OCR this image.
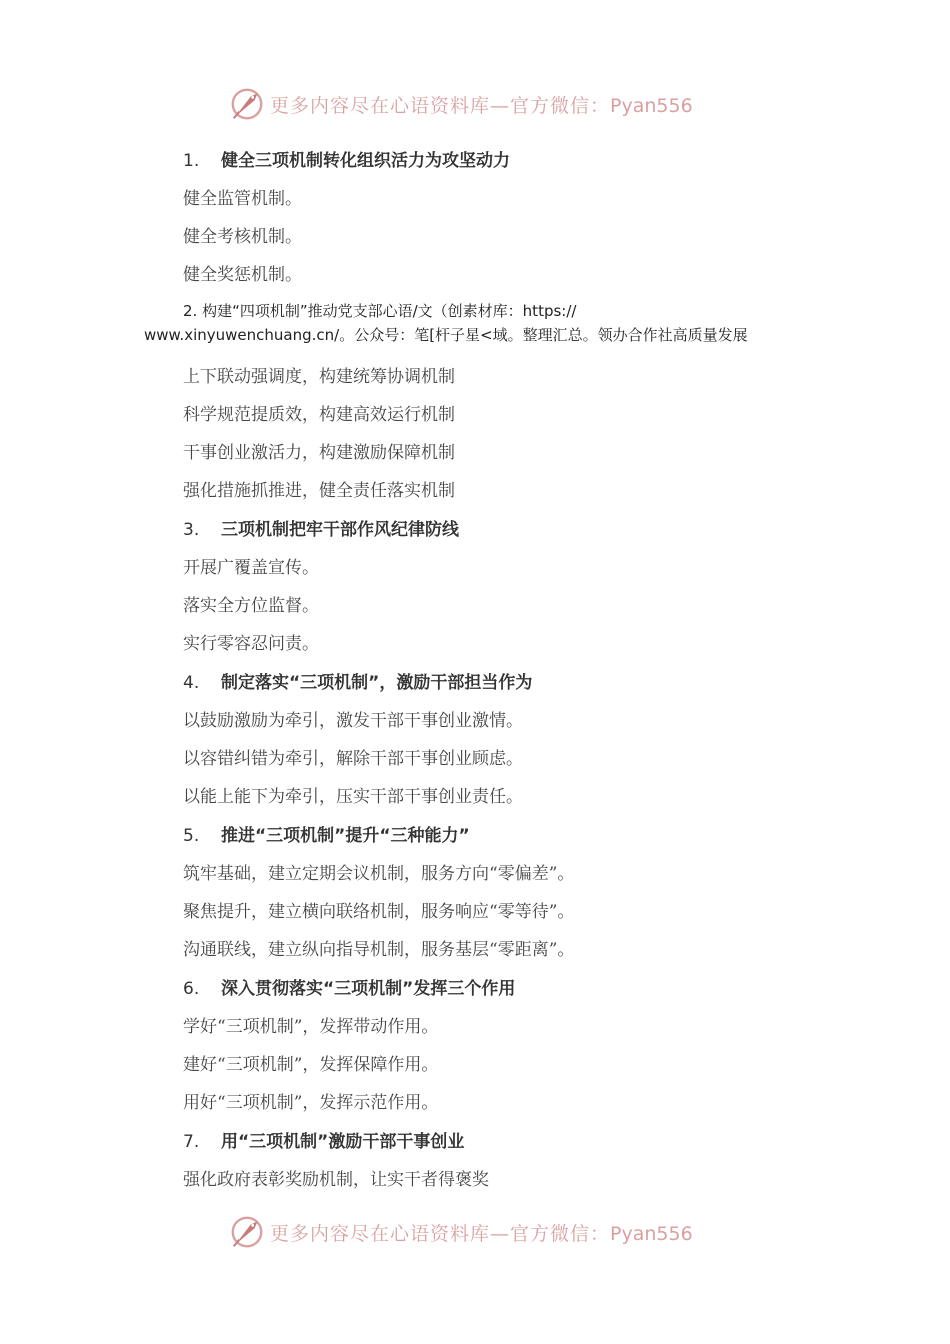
更多内容尽在心语资料库—官方微信：Pyan556
1. 健全三项机制转化组织活力为攻坚动力
健全监管机制。
健全考核机制。
健全奖惩机制。
2. 构建“四项机制”推动党支部心语/文（创素材库：https://
www.xinyuwenchuang.cn/。公众号：笔[杆子星<域。整理汇总。领办合作社高质量发展
上下联动强调度，构建统筹协调机制
科学规范提质效，构建高效运行机制
干事创业激活力，构建激励保障机制
强化措施抓推进，健全责任落实机制
3. 三项机制把牢干部作风纪律防线
开展广覆盖宣传。
落实全方位监督。
实行零容忍问责。
4. 制定落实“三项机制”，激励干部担当作为
以鼓励激励为牵引，激发干部干事创业激情。
以容错纠错为牵引，解除干部干事创业顾虑。
以能上能下为牵引，压实干部干事创业责任。
5. 推进“三项机制”提升“三种能力”
筑牢基础，建立定期会议机制，服务方向“零偏差”。
聚焦提升，建立横向联络机制，服务响应“零等待”。
沟通联线，建立纵向指导机制，服务基层“零距离”。
6. 深入贯彻落实“三项机制”发挥三个作用
学好“三项机制”，发挥带动作用。
建好“三项机制”，发挥保障作用。
用好“三项机制”，发挥示范作用。
7. 用“三项机制”激励干部干事创业
强化政府表彰奖励机制，让实干者得褒奖
更多内容尽在心语资料库—官方微信：Pyan556
